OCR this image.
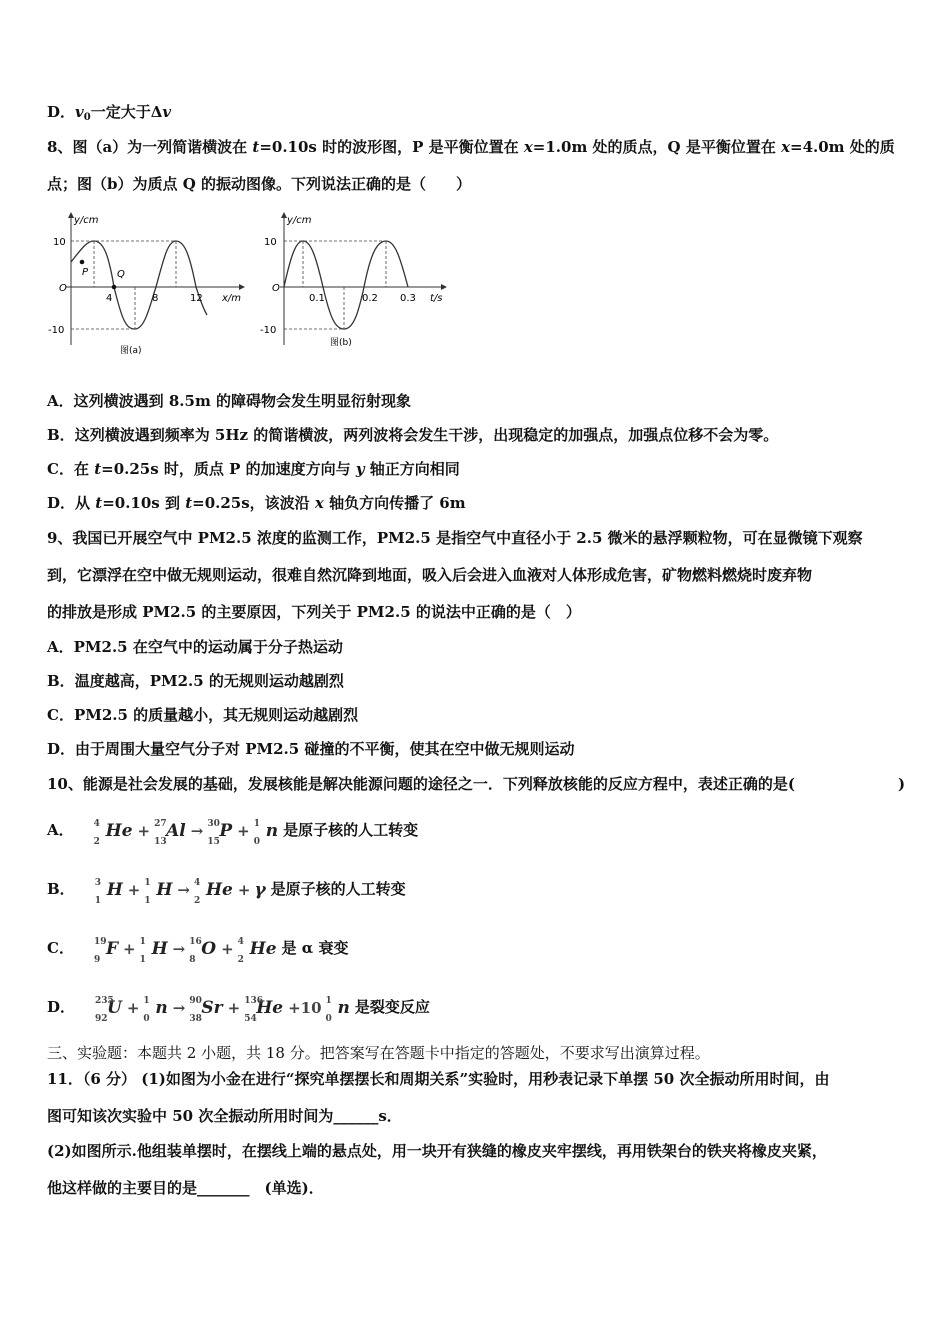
D．$v_0$一定大于Δv
8、图（a）为一列简谐横波在 t=0.10s 时的波形图，P 是平衡位置在 x=1.0m 处的质点，Q 是平衡位置在 x=4.0m 处的质
点；图（b）为质点 Q 的振动图像。下列说法正确的是（　　）
y/cm
10
-10
O
P	Q
4	8	12 x/m
图(a)
y/cm
10
-10
O
0.1	0.2 0.3 t/s
图(b)
A．这列横波遇到 8.5m 的障碍物会发生明显衍射现象
B．这列横波遇到频率为 5Hz 的简谐横波，两列波将会发生干涉，出现稳定的加强点，加强点位移不会为零。
C．在 t=0.25s 时，质点 P 的加速度方向与 y 轴正方向相同
D．从 t=0.10s 到 t=0.25s，该波沿 x 轴负方向传播了 6m
9、我国已开展空气中 PM2.5 浓度的监测工作，PM2.5 是指空气中直径小于 2.5 微米的悬浮颗粒物，可在显微镜下观察
到，它漂浮在空中做无规则运动，很难自然沉降到地面，吸入后会进入血液对人体形成危害，矿物燃料燃烧时废弃物
的排放是形成 PM2.5 的主要原因，下列关于 PM2.5 的说法中正确的是（　）
A．PM2.5 在空气中的运动属于分子热运动
B．温度越高，PM2.5 的无规则运动越剧烈
C．PM2.5 的质量越小，其无规则运动越剧烈
D．由于周围大量空气分子对 PM2.5 碰撞的不平衡，使其在空中做无规则运动
10、能源是社会发展的基础，发展核能是解决能源问题的途径之一．下列释放核能的反应方程中，表述正确的是(	)
A． 4
2
He + 27
13
Al → 30
15
P + 1
0
n 是原子核的人工转变
B． 3
1
H + 1
1
H → 4
2
He + γ 是原子核的人工转变
C． 19
9
F + 1
1
H → 16
8
O + 4
2
He 是 α 衰变
D． 235
92
U + 1
0
n → 90
38
Sr + 136
54
He +10 1
0
n 是裂变反应
三、实验题：本题共 2 小题，共 18 分。把答案写在答题卡中指定的答题处，不要求写出演算过程。
11．（6 分） (1)如图为小金在进行“探究单摆摆长和周期关系”实验时，用秒表记录下单摆 50 次全振动所用时间，由
图可知该次实验中 50 次全振动所用时间为______s．
(2)如图所示.他组装单摆时，在摆线上端的悬点处，用一块开有狭缝的橡皮夹牢摆线，再用铁架台的铁夹将橡皮夹紧，
他这样做的主要目的是_______　(单选)．
